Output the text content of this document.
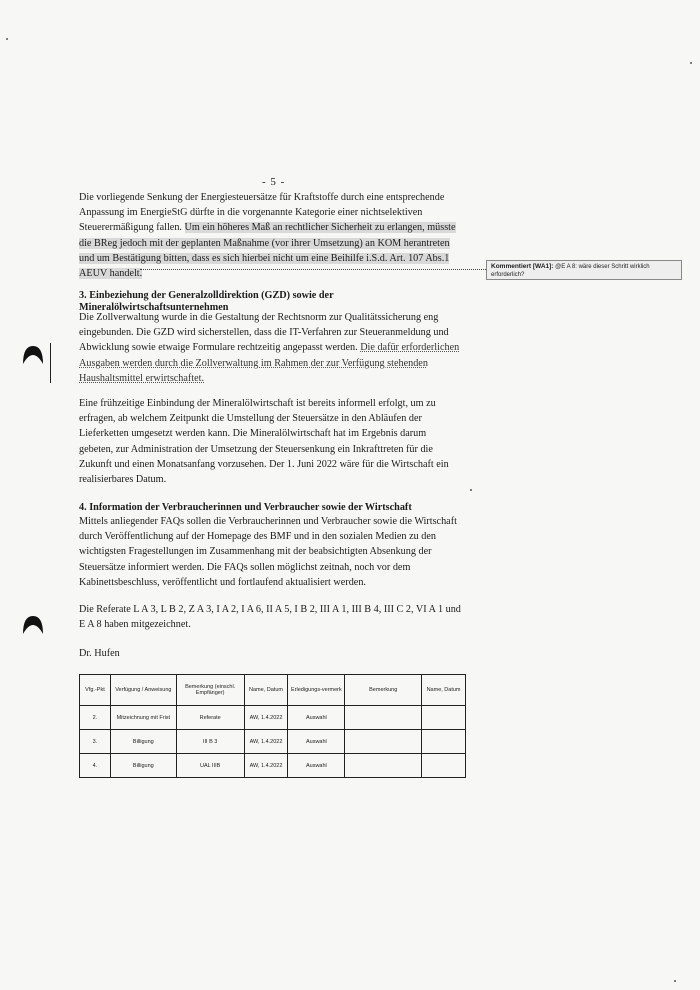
- 5 -

Die vorliegende Senkung der Energiesteuersätze für Kraftstoffe durch eine entsprechende Anpassung im EnergieStG dürfte in die vorgenannte Kategorie einer nichtselektiven Steuerermäßigung fallen. Um ein höheres Maß an rechtlicher Sicherheit zu erlangen, müsste die BReg jedoch mit der geplanten Maßnahme (vor ihrer Umsetzung) an KOM herantreten und um Bestätigung bitten, dass es sich hierbei nicht um eine Beihilfe i.S.d. Art. 107 Abs.1 AEUV handelt.

Kommentiert [WA1]: @E A 8: wäre dieser Schritt wirklich erforderlich?
3. Einbeziehung der Generalzolldirektion (GZD) sowie der Mineralölwirtschaftsunternehmen

Die Zollverwaltung wurde in die Gestaltung der Rechtsnorm zur Qualitätssicherung eng eingebunden. Die GZD wird sicherstellen, dass die IT-Verfahren zur Steueranmeldung und Abwicklung sowie etwaige Formulare rechtzeitig angepasst werden. Die dafür erforderlichen Ausgaben werden durch die Zollverwaltung im Rahmen der zur Verfügung stehenden Haushaltsmittel erwirtschaftet.

Eine frühzeitige Einbindung der Mineralölwirtschaft ist bereits informell erfolgt, um zu erfragen, ab welchem Zeitpunkt die Umstellung der Steuersätze in den Abläufen der Lieferketten umgesetzt werden kann. Die Mineralölwirtschaft hat im Ergebnis darum gebeten, zur Administration der Umsetzung der Steuersenkung ein Inkrafttreten für die Zukunft und einen Monatsanfang vorzusehen. Der 1. Juni 2022 wäre für die Wirtschaft ein realisierbares Datum.

4. Information der Verbraucherinnen und Verbraucher sowie der Wirtschaft

Mittels anliegender FAQs sollen die Verbraucherinnen und Verbraucher sowie die Wirtschaft durch Veröffentlichung auf der Homepage des BMF und in den sozialen Medien zu den wichtigsten Fragestellungen im Zusammenhang mit der beabsichtigten Absenkung der Steuersätze informiert werden. Die FAQs sollen möglichst zeitnah, noch vor dem Kabinettsbeschluss, veröffentlicht und fortlaufend aktualisiert werden.

Die Referate L A 3, L B 2, Z A 3, I A 2, I A 6, II A 5, I B 2, III A 1, III B 4, III C 2, VI A 1 und E A 8 haben mitgezeichnet.

Dr. Hufen

Vfg.-Pkt	Verfügung / Anweisung	Bemerkung (einschl. Empfänger)	Name, Datum	Erledigungs-vermerk	Bemerkung	Name, Datum
2.	Mitzeichnung mit Frist	Referate	AW, 1.4.2022	Auswahl		
3.	Billigung	III B 3	AW, 1.4.2022	Auswahl		
4.	Billigung	UAL IIIB	AW, 1.4.2022	Auswahl		
